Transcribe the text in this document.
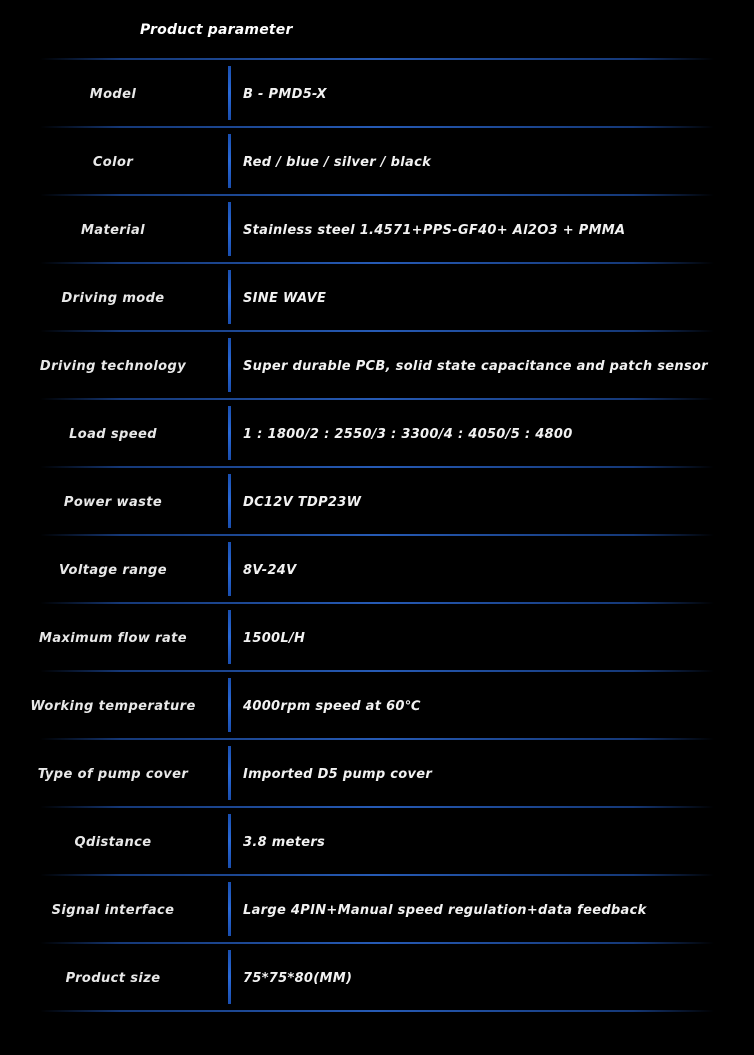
Product parameter
Model	B - PMD5-X
Color	Red / blue / silver / black
Material	Stainless steel 1.4571+PPS-GF40+ Al2O3 + PMMA
Driving mode	SINE WAVE
Driving technology	Super durable PCB, solid state capacitance and patch sensor
Load speed	1 : 1800/2 : 2550/3 : 3300/4 : 4050/5 : 4800
Power waste	DC12V TDP23W
Voltage range	8V-24V
Maximum flow rate	1500L/H
Working temperature	4000rpm speed at 60℃
Type of pump cover	Imported D5 pump cover
Qdistance	3.8 meters
Signal interface	Large 4PIN+Manual speed regulation+data feedback
Product size	75*75*80(MM)
